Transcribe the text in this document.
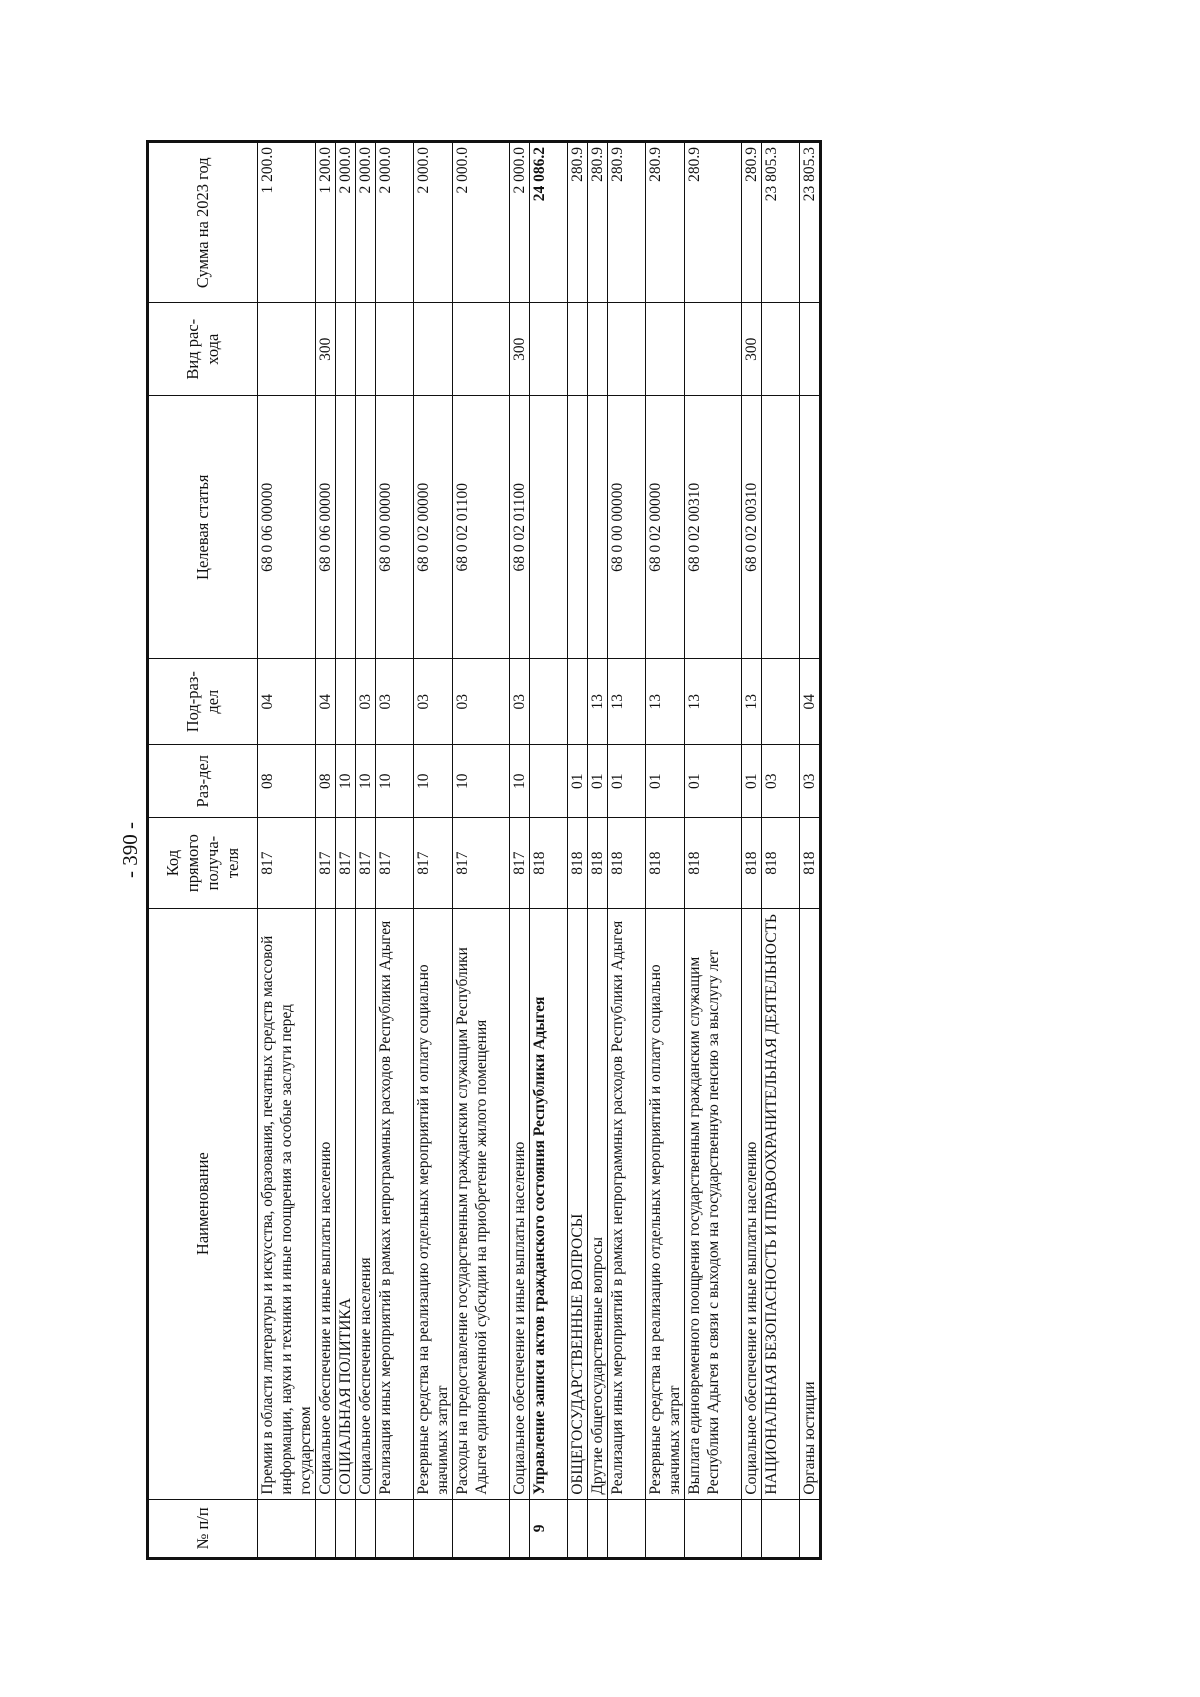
- 390 -
№ п/п	Наименование	Код прямого получа-теля	Раз-дел	Под-раз-дел	Целевая статья	Вид рас-хода	Сумма на 2023 год
	Премии в области литературы и искусства, образования, печатных средств массовой информации, науки и техники и иные поощрения за особые заслуги перед государством	817	08	04	68 0 06 00000		1 200.0
	Социальное обеспечение и иные выплаты населению	817	08	04	68 0 06 00000	300	1 200.0
	СОЦИАЛЬНАЯ ПОЛИТИКА	817	10				2 000.0
	Социальное обеспечение населения	817	10	03			2 000.0
	Реализация иных мероприятий в рамках непрограммных расходов Республики Адыгея	817	10	03	68 0 00 00000		2 000.0
	Резервные средства на реализацию отдельных мероприятий и оплату социально значимых затрат	817	10	03	68 0 02 00000		2 000.0
	Расходы на предоставление государственным гражданским служащим Республики Адыгея единовременной субсидии на приобретение жилого помещения	817	10	03	68 0 02 01100		2 000.0
	Социальное обеспечение и иные выплаты населению	817	10	03	68 0 02 01100	300	2 000.0
9	Управление записи актов гражданского состояния Республики Адыгея	818					24 086.2
	ОБЩЕГОСУДАРСТВЕННЫЕ ВОПРОСЫ	818	01				280.9
	Другие общегосударственные вопросы	818	01	13			280.9
	Реализация иных мероприятий в рамках непрограммных расходов Республики Адыгея	818	01	13	68 0 00 00000		280.9
	Резервные средства на реализацию отдельных мероприятий и оплату социально значимых затрат	818	01	13	68 0 02 00000		280.9
	Выплата единовременного поощрения государственным гражданским служащим Республики Адыгея в связи с выходом на государственную пенсию за выслугу лет	818	01	13	68 0 02 00310		280.9
	Социальное обеспечение и иные выплаты населению	818	01	13	68 0 02 00310	300	280.9
	НАЦИОНАЛЬНАЯ БЕЗОПАСНОСТЬ И ПРАВООХРАНИТЕЛЬНАЯ ДЕЯТЕЛЬНОСТЬ	818	03				23 805.3
	Органы юстиции	818	03	04			23 805.3
